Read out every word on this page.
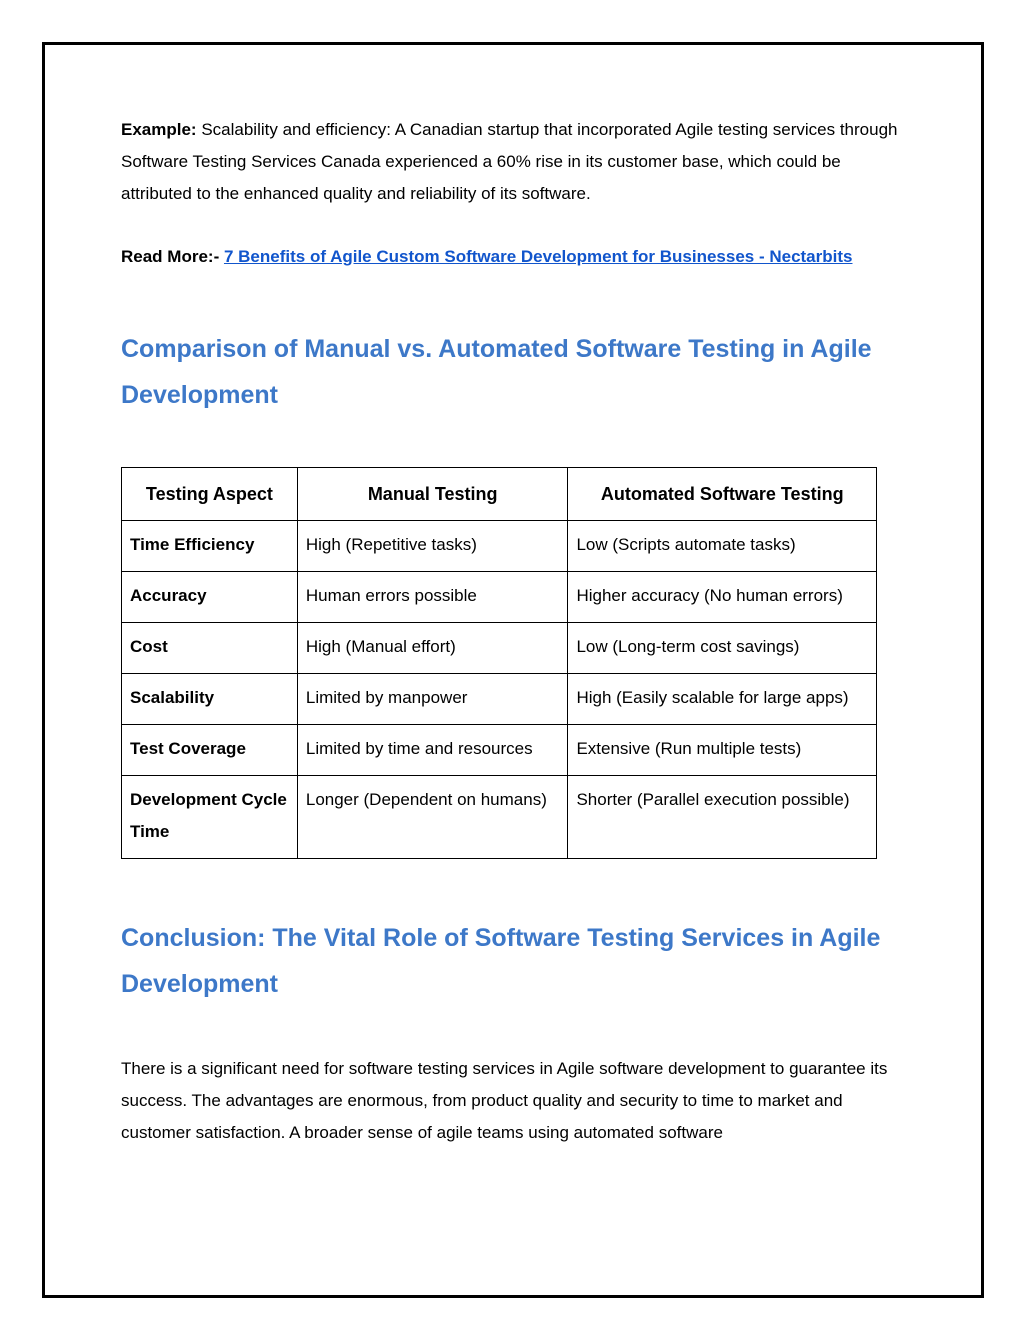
Example: Scalability and efficiency: A Canadian startup that incorporated Agile testing services through Software Testing Services Canada experienced a 60% rise in its customer base, which could be attributed to the enhanced quality and reliability of its software.

Read More:- 7 Benefits of Agile Custom Software Development for Businesses - Nectarbits

Comparison of Manual vs. Automated Software Testing in Agile Development
Testing Aspect	Manual Testing	Automated Software Testing
Time Efficiency	High (Repetitive tasks)	Low (Scripts automate tasks)
Accuracy	Human errors possible	Higher accuracy (No human errors)
Cost	High (Manual effort)	Low (Long-term cost savings)
Scalability	Limited by manpower	High (Easily scalable for large apps)
Test Coverage	Limited by time and resources	Extensive (Run multiple tests)
Development Cycle Time	Longer (Dependent on humans)	Shorter (Parallel execution possible)
Conclusion: The Vital Role of Software Testing Services in Agile Development

There is a significant need for software testing services in Agile software development to guarantee its success. The advantages are enormous, from product quality and security to time to market and customer satisfaction. A broader sense of agile teams using automated software
